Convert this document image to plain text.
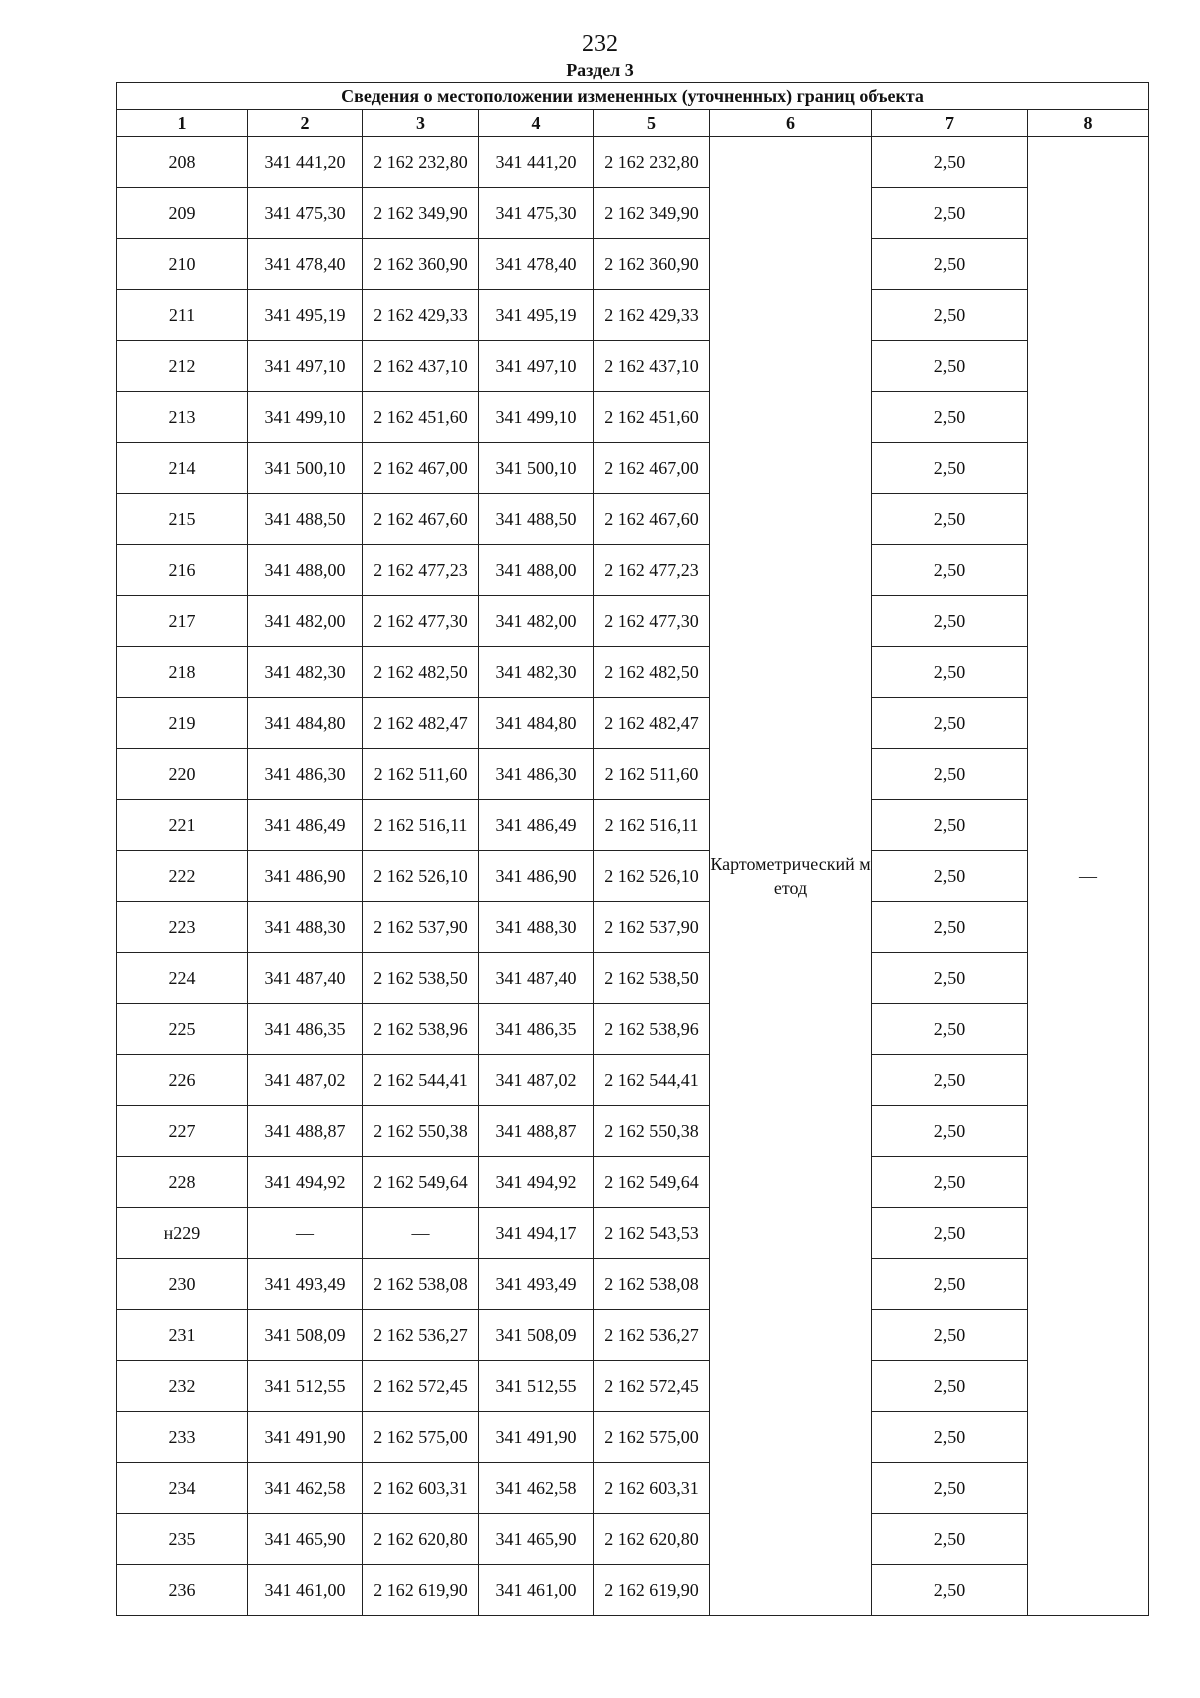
232
Раздел 3
Сведения о местоположении измененных (уточненных) границ объекта							
1	2	3	4	5	6	7	8
208	341 441,20	2 162 232,80	341 441,20	2 162 232,80	Картометрический метод	2,50	—
209	341 475,30	2 162 349,90	341 475,30	2 162 349,90		2,50	
210	341 478,40	2 162 360,90	341 478,40	2 162 360,90		2,50	
211	341 495,19	2 162 429,33	341 495,19	2 162 429,33		2,50	
212	341 497,10	2 162 437,10	341 497,10	2 162 437,10		2,50	
213	341 499,10	2 162 451,60	341 499,10	2 162 451,60		2,50	
214	341 500,10	2 162 467,00	341 500,10	2 162 467,00		2,50	
215	341 488,50	2 162 467,60	341 488,50	2 162 467,60		2,50	
216	341 488,00	2 162 477,23	341 488,00	2 162 477,23		2,50	
217	341 482,00	2 162 477,30	341 482,00	2 162 477,30		2,50	
218	341 482,30	2 162 482,50	341 482,30	2 162 482,50		2,50	
219	341 484,80	2 162 482,47	341 484,80	2 162 482,47		2,50	
220	341 486,30	2 162 511,60	341 486,30	2 162 511,60		2,50	
221	341 486,49	2 162 516,11	341 486,49	2 162 516,11		2,50	
222	341 486,90	2 162 526,10	341 486,90	2 162 526,10		2,50	
223	341 488,30	2 162 537,90	341 488,30	2 162 537,90		2,50	
224	341 487,40	2 162 538,50	341 487,40	2 162 538,50		2,50	
225	341 486,35	2 162 538,96	341 486,35	2 162 538,96		2,50	
226	341 487,02	2 162 544,41	341 487,02	2 162 544,41		2,50	
227	341 488,87	2 162 550,38	341 488,87	2 162 550,38		2,50	
228	341 494,92	2 162 549,64	341 494,92	2 162 549,64		2,50	
н229	—	—	341 494,17	2 162 543,53		2,50	
230	341 493,49	2 162 538,08	341 493,49	2 162 538,08		2,50	
231	341 508,09	2 162 536,27	341 508,09	2 162 536,27		2,50	
232	341 512,55	2 162 572,45	341 512,55	2 162 572,45		2,50	
233	341 491,90	2 162 575,00	341 491,90	2 162 575,00		2,50	
234	341 462,58	2 162 603,31	341 462,58	2 162 603,31		2,50	
235	341 465,90	2 162 620,80	341 465,90	2 162 620,80		2,50	
236	341 461,00	2 162 619,90	341 461,00	2 162 619,90		2,50	
